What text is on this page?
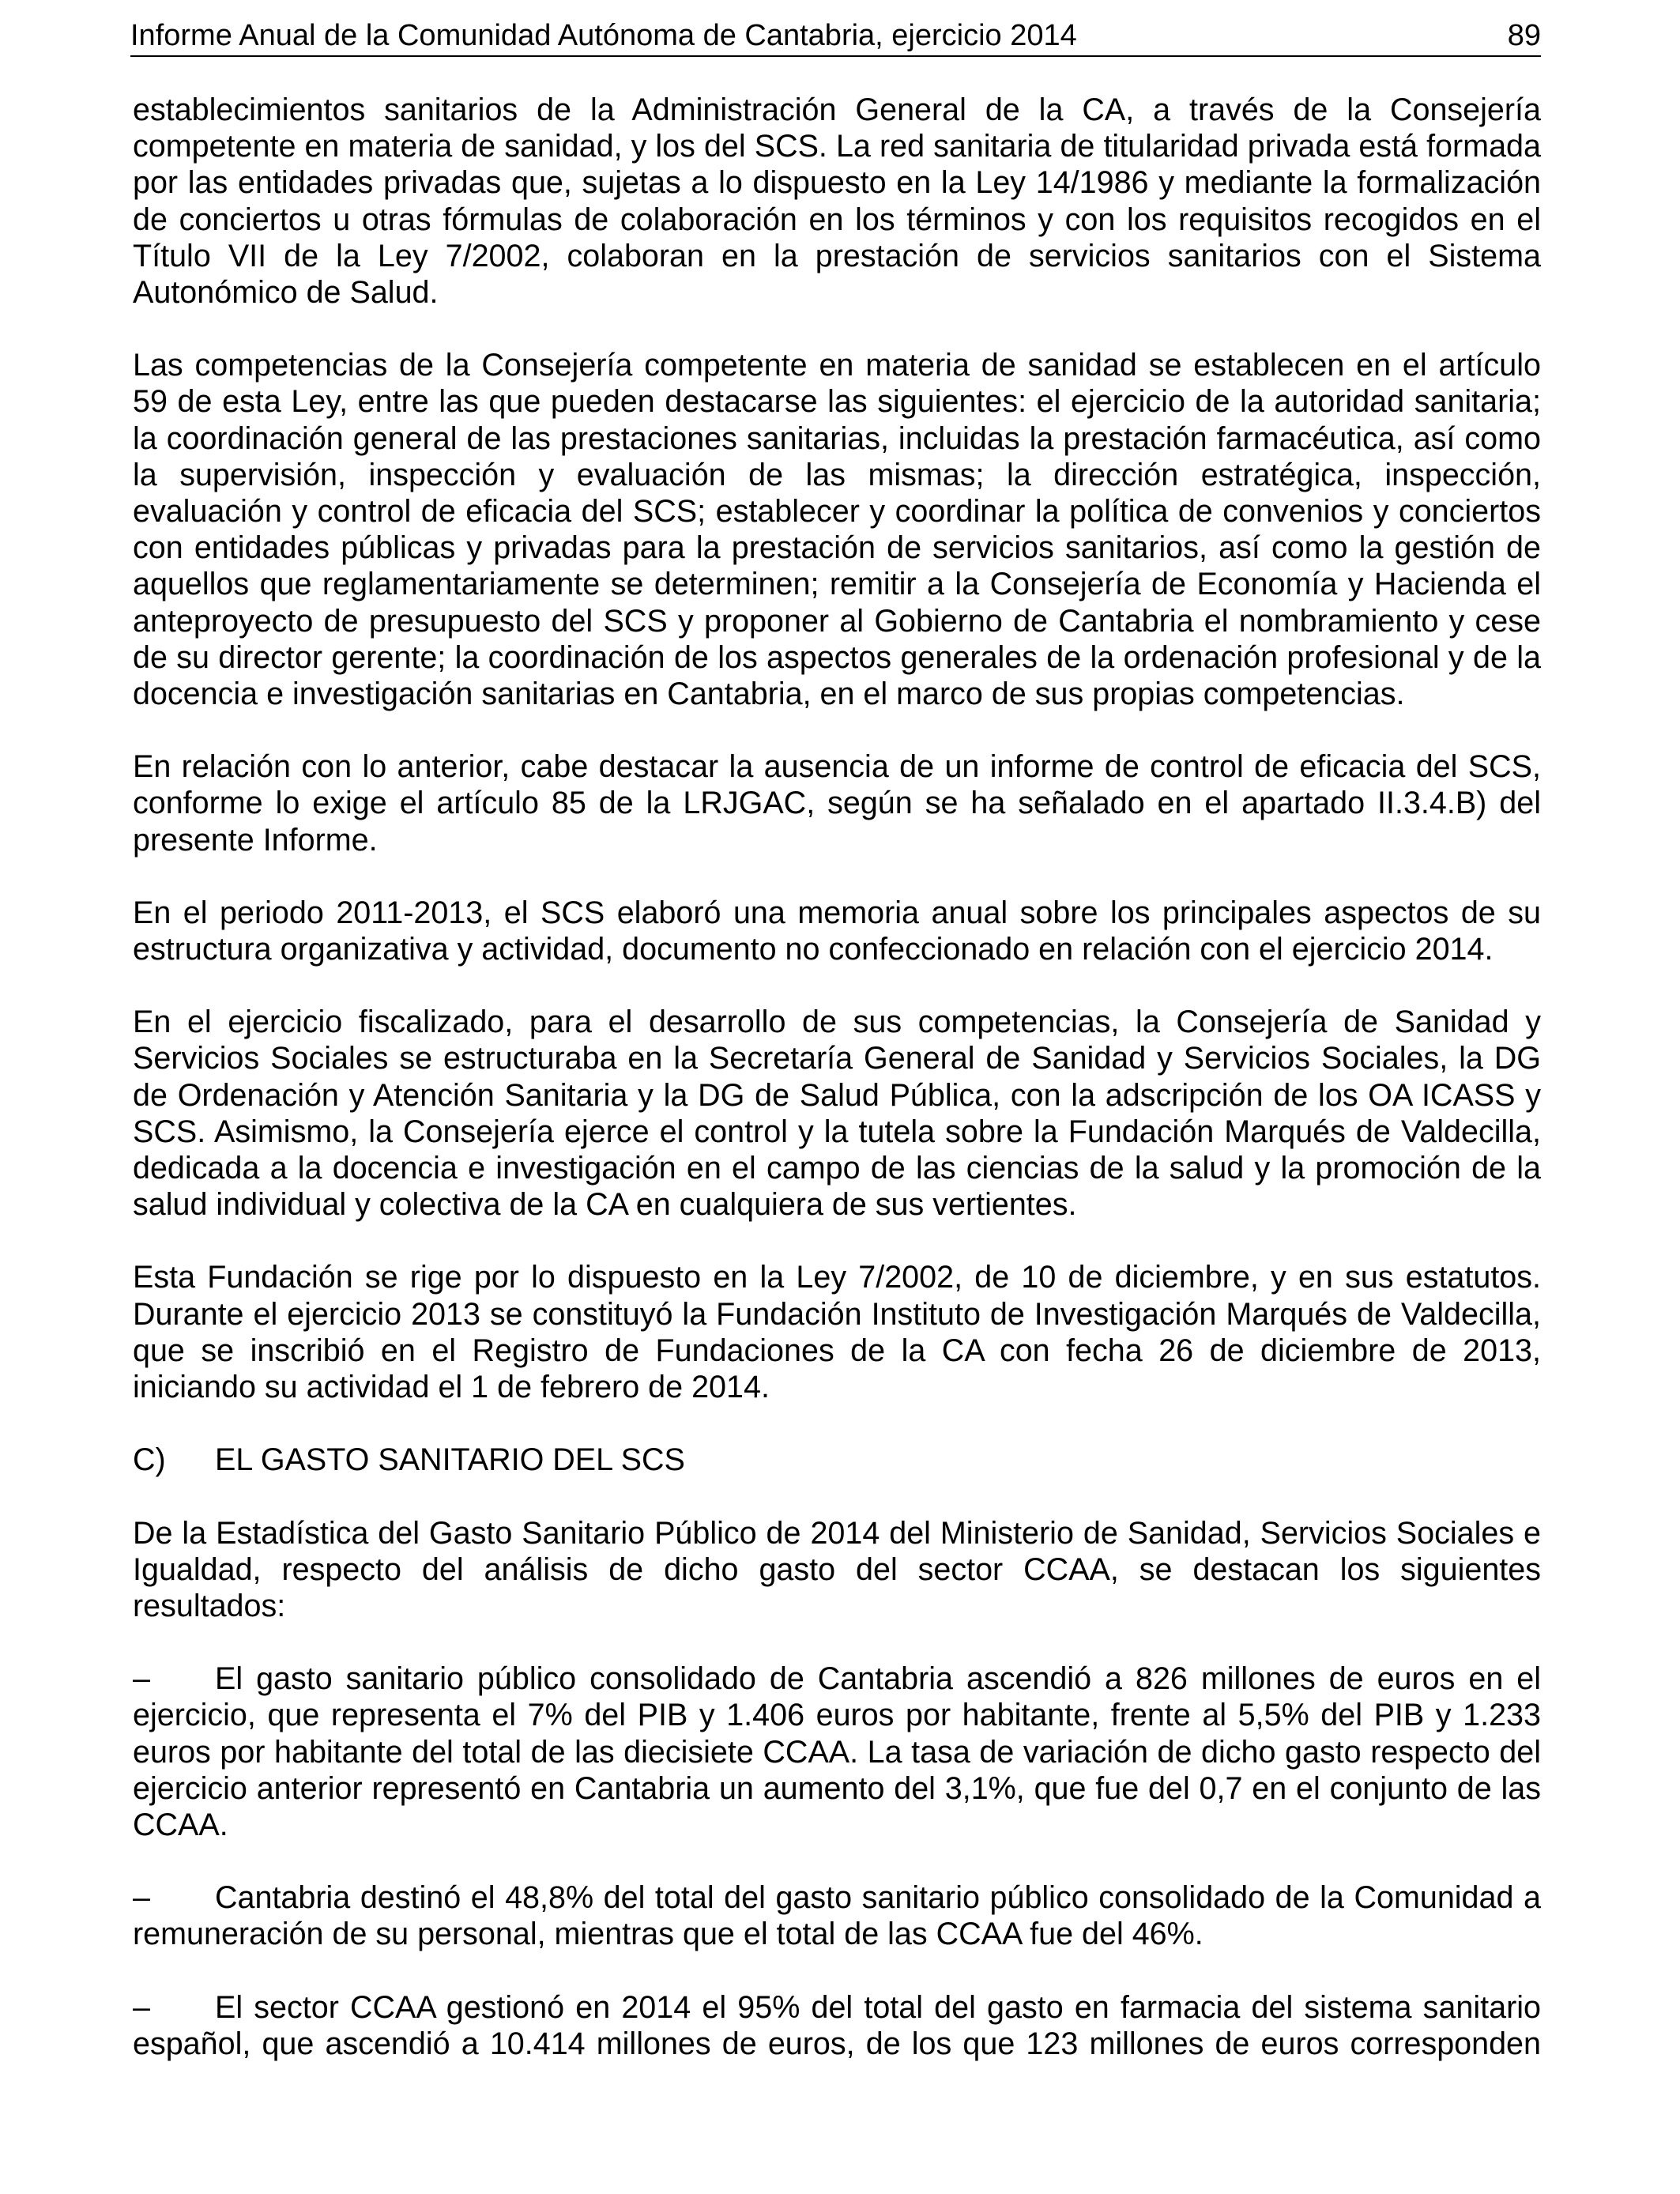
Informe Anual de la Comunidad Autónoma de Cantabria, ejercicio 2014	89

establecimientos sanitarios de la Administración General de la CA, a través de la Consejería competente en materia de sanidad, y los del SCS. La red sanitaria de titularidad privada está formada por las entidades privadas que, sujetas a lo dispuesto en la Ley 14/1986 y mediante la formalización de conciertos u otras fórmulas de colaboración en los términos y con los requisitos recogidos en el Título VII de la Ley 7/2002, colaboran en la prestación de servicios sanitarios con el Sistema Autonómico de Salud.

Las competencias de la Consejería competente en materia de sanidad se establecen en el artículo 59 de esta Ley, entre las que pueden destacarse las siguientes: el ejercicio de la autoridad sanitaria; la coordinación general de las prestaciones sanitarias, incluidas la prestación farmacéutica, así como la supervisión, inspección y evaluación de las mismas; la dirección estratégica, inspección, evaluación y control de eficacia del SCS; establecer y coordinar la política de convenios y conciertos con entidades públicas y privadas para la prestación de servicios sanitarios, así como la gestión de aquellos que reglamentariamente se determinen; remitir a la Consejería de Economía y Hacienda el anteproyecto de presupuesto del SCS y proponer al Gobierno de Cantabria el nombramiento y cese de su director gerente; la coordinación de los aspectos generales de la ordenación profesional y de la docencia e investigación sanitarias en Cantabria, en el marco de sus propias competencias.

En relación con lo anterior, cabe destacar la ausencia de un informe de control de eficacia del SCS, conforme lo exige el artículo 85 de la LRJGAC, según se ha señalado en el apartado II.3.4.B) del presente Informe.

En el periodo 2011-2013, el SCS elaboró una memoria anual sobre los principales aspectos de su estructura organizativa y actividad, documento no confeccionado en relación con el ejercicio 2014.

En el ejercicio fiscalizado, para el desarrollo de sus competencias, la Consejería de Sanidad y Servicios Sociales se estructuraba en la Secretaría General de Sanidad y Servicios Sociales, la DG de Ordenación y Atención Sanitaria y la DG de Salud Pública, con la adscripción de los OA ICASS y SCS. Asimismo, la Consejería ejerce el control y la tutela sobre la Fundación Marqués de Valdecilla, dedicada a la docencia e investigación en el campo de las ciencias de la salud y la promoción de la salud individual y colectiva de la CA en cualquiera de sus vertientes.

Esta Fundación se rige por lo dispuesto en la Ley 7/2002, de 10 de diciembre, y en sus estatutos. Durante el ejercicio 2013 se constituyó la Fundación Instituto de Investigación Marqués de Valdecilla, que se inscribió en el Registro de Fundaciones de la CA con fecha 26 de diciembre de 2013, iniciando su actividad el 1 de febrero de 2014.

C) EL GASTO SANITARIO DEL SCS

De la Estadística del Gasto Sanitario Público de 2014 del Ministerio de Sanidad, Servicios Sociales e Igualdad, respecto del análisis de dicho gasto del sector CCAA, se destacan los siguientes resultados:

– El gasto sanitario público consolidado de Cantabria ascendió a 826 millones de euros en el ejercicio, que representa el 7% del PIB y 1.406 euros por habitante, frente al 5,5% del PIB y 1.233 euros por habitante del total de las diecisiete CCAA. La tasa de variación de dicho gasto respecto del ejercicio anterior representó en Cantabria un aumento del 3,1%, que fue del 0,7 en el conjunto de las CCAA.

– Cantabria destinó el 48,8% del total del gasto sanitario público consolidado de la Comunidad a remuneración de su personal, mientras que el total de las CCAA fue del 46%.

– El sector CCAA gestionó en 2014 el 95% del total del gasto en farmacia del sistema sanitario español, que ascendió a 10.414 millones de euros, de los que 123 millones de euros corresponden
